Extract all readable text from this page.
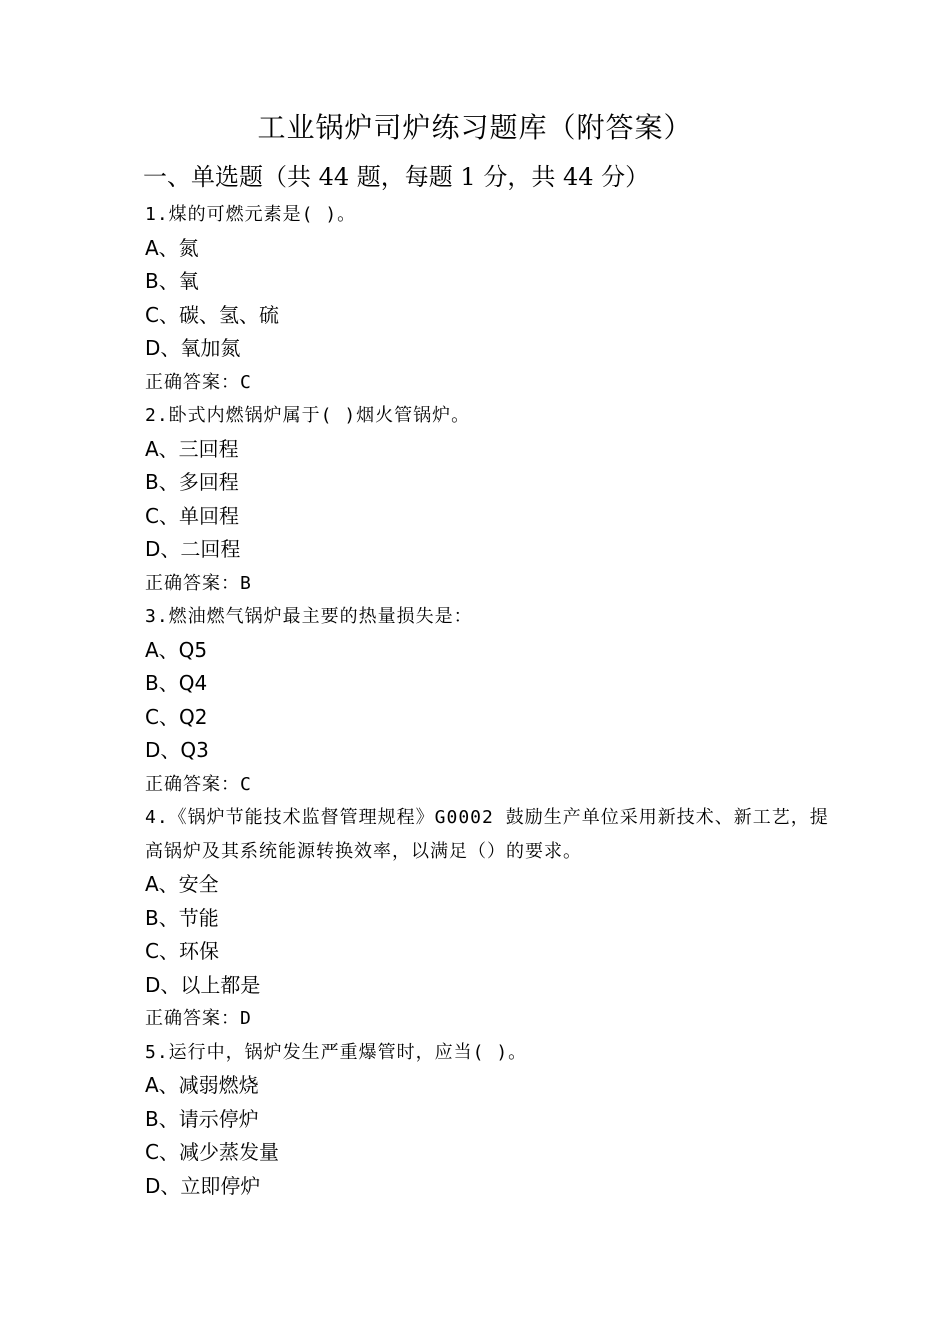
工业锅炉司炉练习题库（附答案）
一、单选题（共 44 题，每题 1 分，共 44 分）
1.煤的可燃元素是( )。
A、氮
B、氧
C、碳、氢、硫
D、氧加氮
正确答案：C
2.卧式内燃锅炉属于( )烟火管锅炉。
A、三回程
B、多回程
C、单回程
D、二回程
正确答案：B
3.燃油燃气锅炉最主要的热量损失是：
A、Q5
B、Q4
C、Q2
D、Q3
正确答案：C
4.《锅炉节能技术监督管理规程》G0002 鼓励生产单位采用新技术、新工艺，提高锅炉及其系统能源转换效率，以满足（）的要求。
A、安全
B、节能
C、环保
D、以上都是
正确答案：D
5.运行中，锅炉发生严重爆管时，应当( )。
A、减弱燃烧
B、请示停炉
C、减少蒸发量
D、立即停炉
